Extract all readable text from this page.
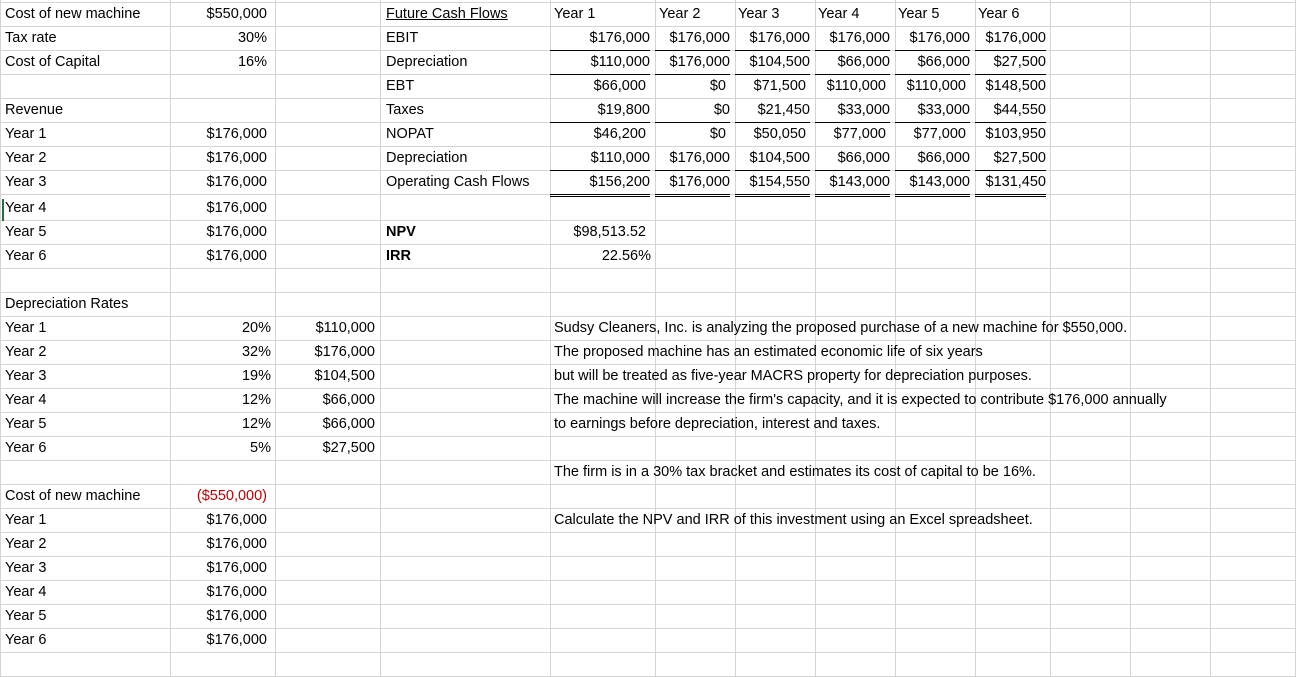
Cost of new machine	$550,000
Tax rate	30%
Cost of Capital	16%
Revenue
Year 1	$176,000
Year 2	$176,000
Year 3	$176,000
Year 4	$176,000
Year 5	$176,000
Year 6	$176,000
Future Cash Flows	Year 1	Year 2	Year 3	Year 4	Year 5	Year 6
EBIT	$176,000	$176,000	$176,000	$176,000	$176,000	$176,000
Depreciation	$110,000	$176,000	$104,500	$66,000	$66,000	$27,500
EBT	$66,000	$0	$71,500	$110,000	$110,000	$148,500
Taxes	$19,800	$0	$21,450	$33,000	$33,000	$44,550
NOPAT	$46,200	$0	$50,050	$77,000	$77,000	$103,950
Depreciation	$110,000	$176,000	$104,500	$66,000	$66,000	$27,500
Operating Cash Flows	$156,200	$176,000	$154,550	$143,000	$143,000	$131,450
NPV	$98,513.52
IRR	22.56%
Depreciation Rates
Year 1	20%	$110,000
Year 2	32%	$176,000
Year 3	19%	$104,500
Year 4	12%	$66,000
Year 5	12%	$66,000
Year 6	5%	$27,500
Sudsy Cleaners, Inc. is analyzing the proposed purchase of a new machine for $550,000.
The proposed machine has an estimated economic life of six years
but will be treated as five-year MACRS property for depreciation purposes.
The machine will increase the firm's capacity, and it is expected to contribute $176,000 annually
to earnings before depreciation, interest and taxes.
The firm is in a 30% tax bracket and estimates its cost of capital to be 16%.
Calculate the NPV and IRR of this investment using an Excel spreadsheet.
Cost of new machine	($550,000)
Year 1	$176,000
Year 2	$176,000
Year 3	$176,000
Year 4	$176,000
Year 5	$176,000
Year 6	$176,000
